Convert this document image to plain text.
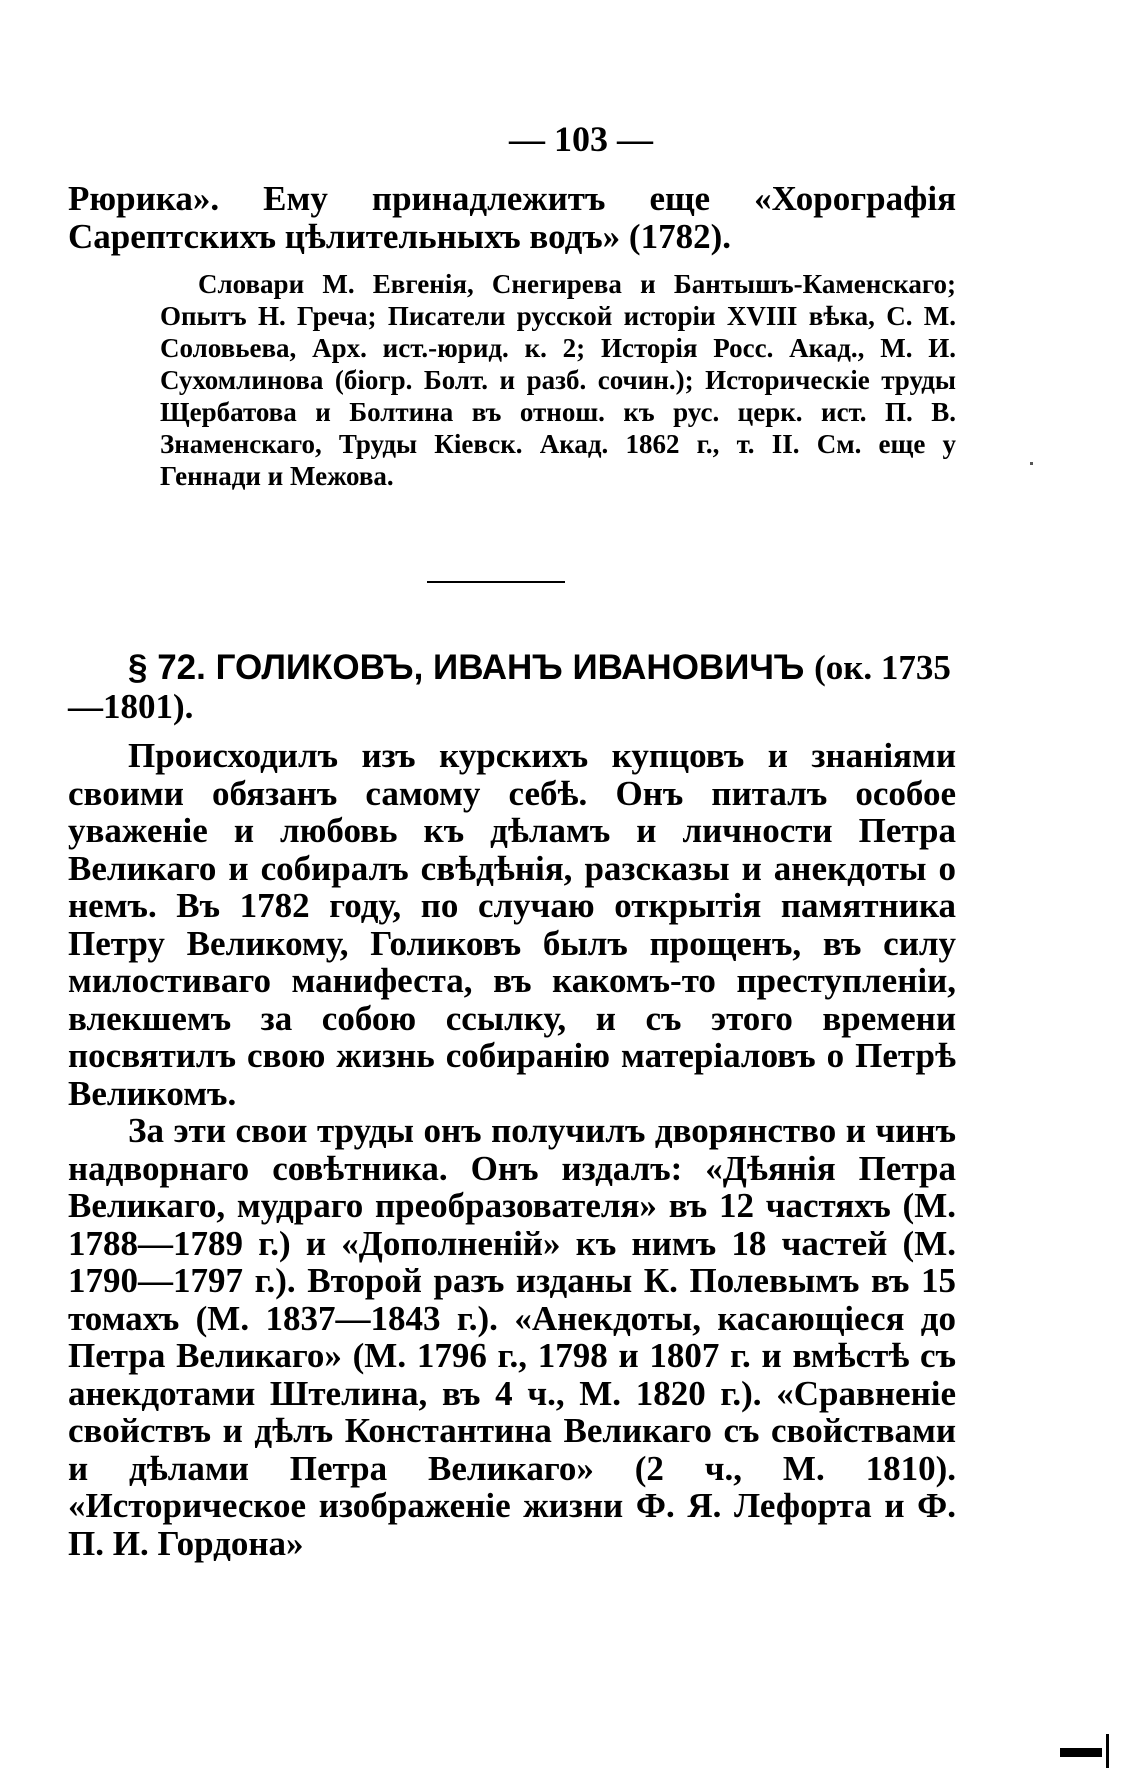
— 103 —

Рюрика». Ему принадлежитъ еще «Хорографія Сарептскихъ цѣлительныхъ водъ» (1782).

Словари М. Евгенія, Снегирева и Бантышъ-Каменскаго; Опытъ Н. Греча; Писатели русской исторіи XVIII вѣка, С. М. Соловьева, Арх. ист.-юрид. к. 2; Исторія Росс. Акад., М. И. Сухомлинова (біогр. Болт. и разб. сочин.); Историческіе труды Щербатова и Болтина въ отнош. къ рус. церк. ист. П. В. Знаменскаго, Труды Кіевск. Акад. 1862 г., т. II. См. еще у Геннади и Межова.
§ 72. ГОЛИКОВЪ, ИВАНЪ ИВАНОВИЧЪ (ок. 1735—1801).

Происходилъ изъ курскихъ купцовъ и знаніями своими обязанъ самому себѣ. Онъ питалъ особое уваженіе и любовь къ дѣламъ и личности Петра Великаго и собиралъ свѣдѣнія, разсказы и анекдоты о немъ. Въ 1782 году, по случаю открытія памятника Петру Великому, Голиковъ былъ прощенъ, въ силу милостиваго манифеста, въ какомъ-то преступленіи, влекшемъ за собою ссылку, и съ этого времени посвятилъ свою жизнь собиранію матеріаловъ о Петрѣ Великомъ.

За эти свои труды онъ получилъ дворянство и чинъ надворнаго совѣтника. Онъ издалъ: «Дѣянія Петра Великаго, мудраго преобразователя» въ 12 частяхъ (М. 1788—1789 г.) и «Дополненій» къ нимъ 18 частей (М. 1790—1797 г.). Второй разъ изданы К. Полевымъ въ 15 томахъ (М. 1837—1843 г.). «Анекдоты, касающіеся до Петра Великаго» (М. 1796 г., 1798 и 1807 г. и вмѣстѣ съ анекдотами Штелина, въ 4 ч., М. 1820 г.). «Сравненіе свойствъ и дѣлъ Константина Великаго съ свойствами и дѣлами Петра Великаго» (2 ч., М. 1810). «Историческое изображеніе жизни Ф. Я. Лефорта и Ф. П. И. Гордона»
